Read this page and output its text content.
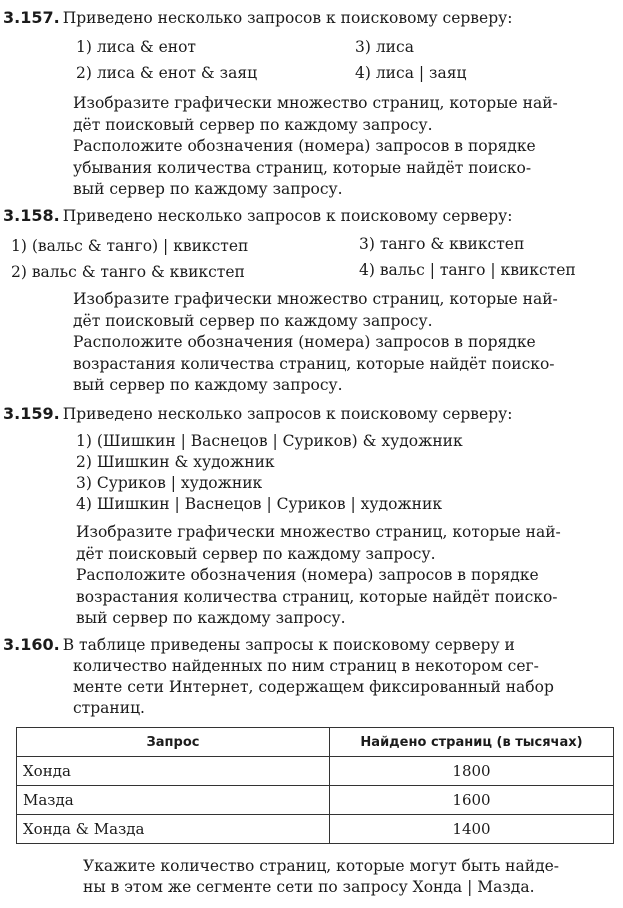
3.157. Приведено несколько запросов к поисковому серверу:
1) лиса & енот	3) лиса
2) лиса & енот & заяц	4) лиса | заяц
Изобразите графически множество страниц, которые най-
дёт поисковый сервер по каждому запросу.
Расположите обозначения (номера) запросов в порядке
убывания количества страниц, которые найдёт поиско-
вый сервер по каждому запросу.
3.158. Приведено несколько запросов к поисковому серверу:
1) (вальс & танго) | квикстеп	3) танго & квикстеп
2) вальс & танго & квикстеп	4) вальс | танго | квикстеп
Изобразите графически множество страниц, которые най-
дёт поисковый сервер по каждому запросу.
Расположите обозначения (номера) запросов в порядке
возрастания количества страниц, которые найдёт поиско-
вый сервер по каждому запросу.
3.159. Приведено несколько запросов к поисковому серверу:
1) (Шишкин | Васнецов | Суриков) & художник
2) Шишкин & художник
3) Суриков | художник
4) Шишкин | Васнецов | Суриков | художник
Изобразите графически множество страниц, которые най-
дёт поисковый сервер по каждому запросу.
Расположите обозначения (номера) запросов в порядке
возрастания количества страниц, которые найдёт поиско-
вый сервер по каждому запросу.
3.160. В таблице приведены запросы к поисковому серверу и
количество найденных по ним страниц в некотором сег-
менте сети Интернет, содержащем фиксированный набор
страниц.
Запрос	Найдено страниц (в тысячах)
Хонда	1800
Мазда	1600
Хонда & Мазда	1400
Укажите количество страниц, которые могут быть найде-
ны в этом же сегменте сети по запросу Хонда | Мазда.
